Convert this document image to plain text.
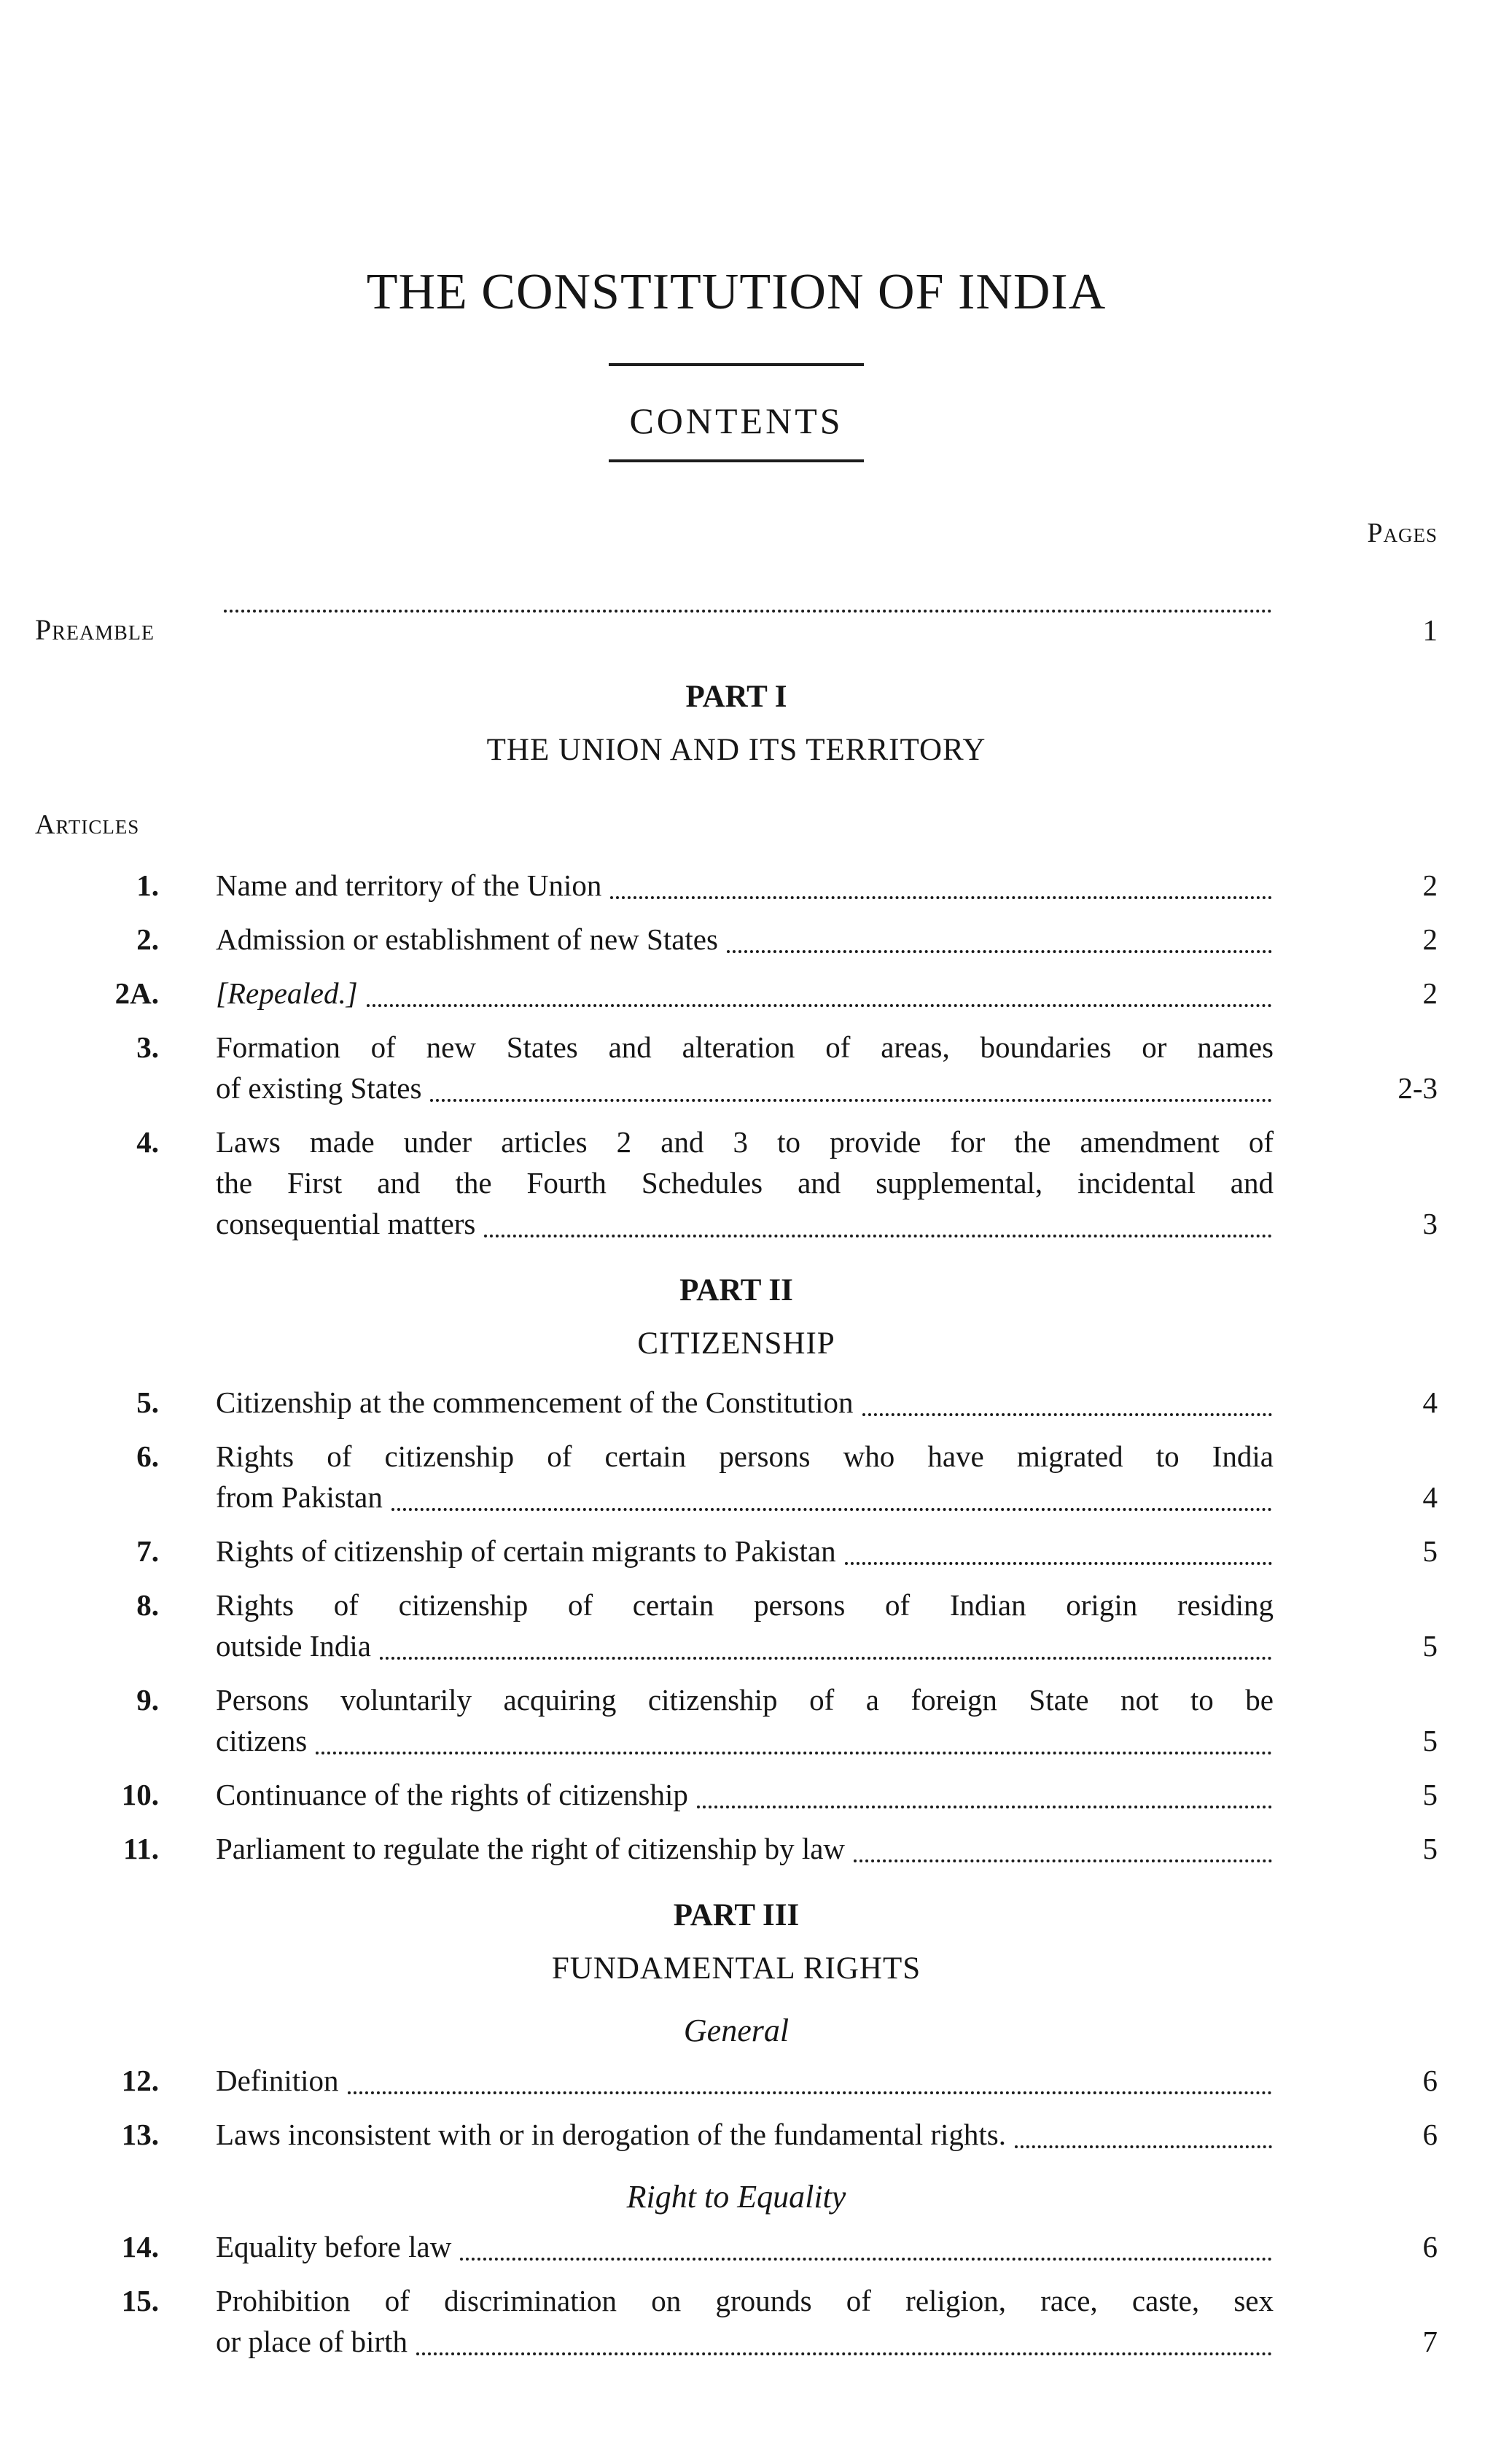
THE CONSTITUTION OF INDIA
CONTENTS
Pages
Preamble	1
PART I
THE UNION AND ITS TERRITORY
Articles
1. Name and territory of the Union	2
2. Admission or establishment of new States	2
2A. [Repealed.]	2
3. Formation of new States and alteration of areas, boundaries or names
of existing States	2-3
4. Laws made under articles 2 and 3 to provide for the amendment of
the First and the Fourth Schedules and supplemental, incidental and
consequential matters	3
PART II
CITIZENSHIP
5. Citizenship at the commencement of the Constitution	4
6. Rights of citizenship of certain persons who have migrated to India
from Pakistan	4
7. Rights of citizenship of certain migrants to Pakistan	5
8. Rights of citizenship of certain persons of Indian origin residing
outside India	5
9. Persons voluntarily acquiring citizenship of a foreign State not to be
citizens	5
10. Continuance of the rights of citizenship	5
11. Parliament to regulate the right of citizenship by law	5
PART III
FUNDAMENTAL RIGHTS
General
12. Definition	6
13. Laws inconsistent with or in derogation of the fundamental rights.	6
Right to Equality
14. Equality before law	6
15. Prohibition of discrimination on grounds of religion, race, caste, sex
or place of birth	7
